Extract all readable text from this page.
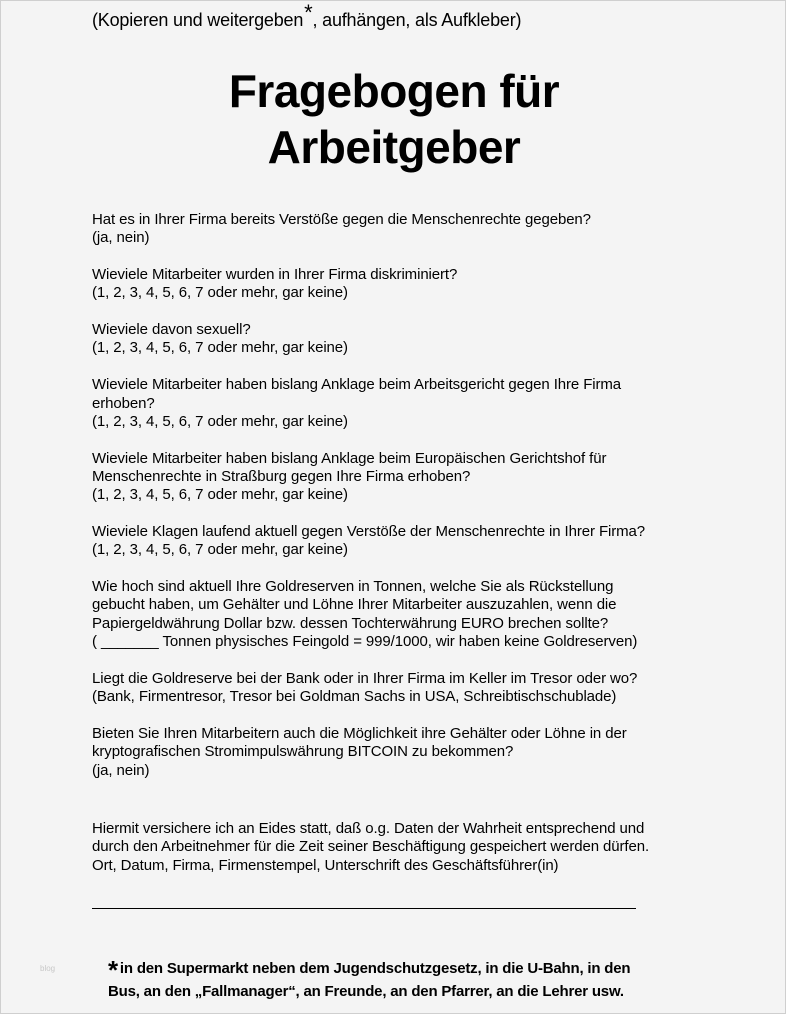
(Kopieren und weitergeben*, aufhängen, als Aufkleber)
Fragebogen für
Arbeitgeber

Hat es in Ihrer Firma bereits Verstöße gegen die Menschenrechte gegeben?

(ja, nein)

Wieviele Mitarbeiter wurden in Ihrer Firma diskriminiert?

(1, 2, 3, 4, 5, 6, 7 oder mehr, gar keine)

Wieviele davon sexuell?

(1, 2, 3, 4, 5, 6, 7 oder mehr, gar keine)

Wieviele Mitarbeiter haben bislang Anklage beim Arbeitsgericht gegen Ihre Firma

erhoben?

(1, 2, 3, 4, 5, 6, 7 oder mehr, gar keine)

Wieviele Mitarbeiter haben bislang Anklage beim Europäischen Gerichtshof für

Menschenrechte in Straßburg gegen Ihre Firma erhoben?

(1, 2, 3, 4, 5, 6, 7 oder mehr, gar keine)

Wieviele Klagen laufend aktuell gegen Verstöße der Menschenrechte in Ihrer Firma?

(1, 2, 3, 4, 5, 6, 7 oder mehr, gar keine)

Wie hoch sind aktuell Ihre Goldreserven in Tonnen, welche Sie als Rückstellung

gebucht haben, um Gehälter und Löhne Ihrer Mitarbeiter auszuzahlen, wenn die

Papiergeldwährung Dollar bzw. dessen Tochterwährung EURO brechen sollte?

( _______ Tonnen physisches Feingold = 999/1000, wir haben keine Goldreserven)

Liegt die Goldreserve bei der Bank oder in Ihrer Firma im Keller im Tresor oder wo?

(Bank, Firmentresor, Tresor bei Goldman Sachs in USA, Schreibtischschublade)

Bieten Sie Ihren Mitarbeitern auch die Möglichkeit ihre Gehälter oder Löhne in der

kryptografischen Stromimpulswährung BITCOIN zu bekommen?

(ja, nein)

Hiermit versichere ich an Eides statt, daß o.g. Daten der Wahrheit entsprechend und

durch den Arbeitnehmer für die Zeit seiner Beschäftigung gespeichert werden dürfen.

Ort, Datum, Firma, Firmenstempel, Unterschrift des Geschäftsführer(in)

blog * in den Supermarkt neben dem Jugendschutzgesetz, in die U-Bahn, in den

Bus, an den „Fallmanager“, an Freunde, an den Pfarrer, an die Lehrer usw.
